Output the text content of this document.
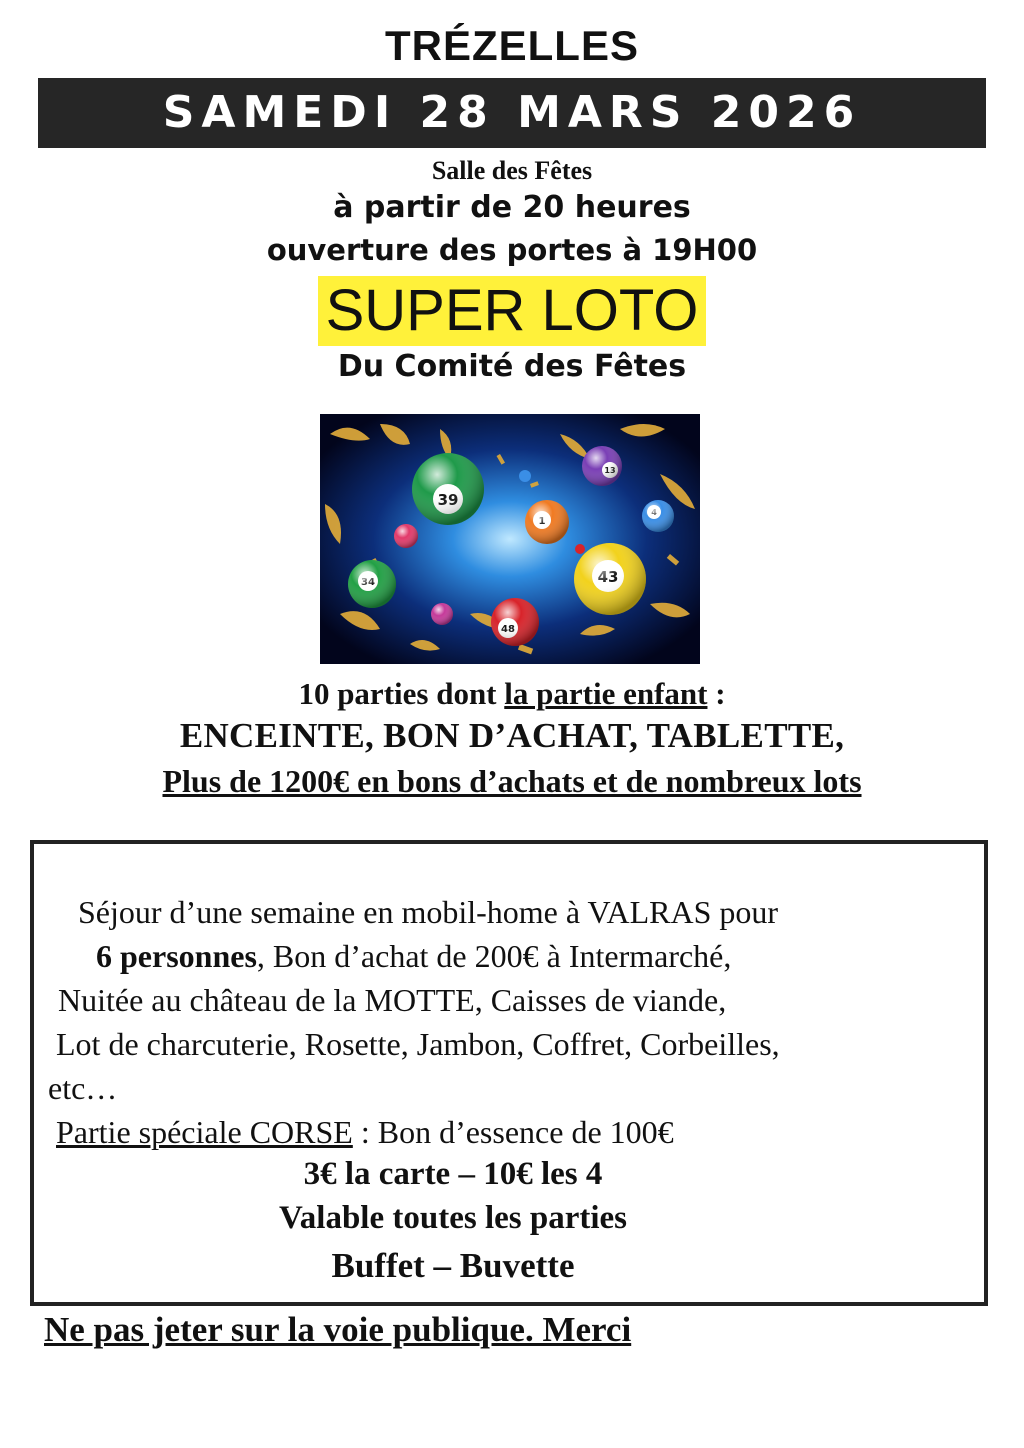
TRÉZELLES
SAMEDI 28 MARS 2026
Salle des Fêtes
à partir de 20 heures
ouverture des portes à 19H00
SUPER LOTO
Du Comité des Fêtes
10 parties dont la partie enfant :
ENCEINTE, BON D’ACHAT, TABLETTE,
Plus de 1200€ en bons d’achats et de nombreux lots
Séjour d’une semaine en mobil-home à VALRAS pour
6 personnes, Bon d’achat de 200€ à Intermarché,
Nuitée au château de la MOTTE, Caisses de viande,
Lot de charcuterie, Rosette, Jambon, Coffret, Corbeilles,
etc…
Partie spéciale CORSE : Bon d’essence de 100€
3€ la carte – 10€ les 4
Valable toutes les parties
Buffet – Buvette
Ne pas jeter sur la voie publique. Merci
